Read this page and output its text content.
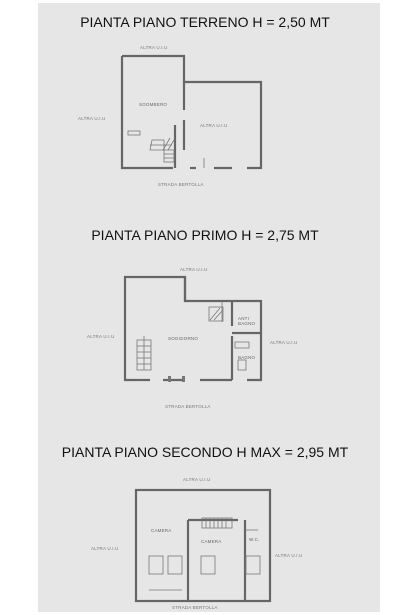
PIANTA PIANO TERRENO H = 2,50 MT
PIANTA PIANO PRIMO H = 2,75 MT
PIANTA PIANO SECONDO H MAX = 2,95 MT
ALTRA U.I.U
ALTRA U.I.U
ALTRA U.I.U
SGOMBERO
STRADA BERTOLLA
ALTRA U.I.U
ALTRA U.I.U
ALTRA U.I.U
SOGGIORNO
ANTI BAGNO
BAGNO
STRADA BERTOLLA
ALTRA U.I.U
ALTRA U.I.U
ALTRA U.I.U
CAMERA
CAMERA	W.C.
STRADA BERTOLLA
